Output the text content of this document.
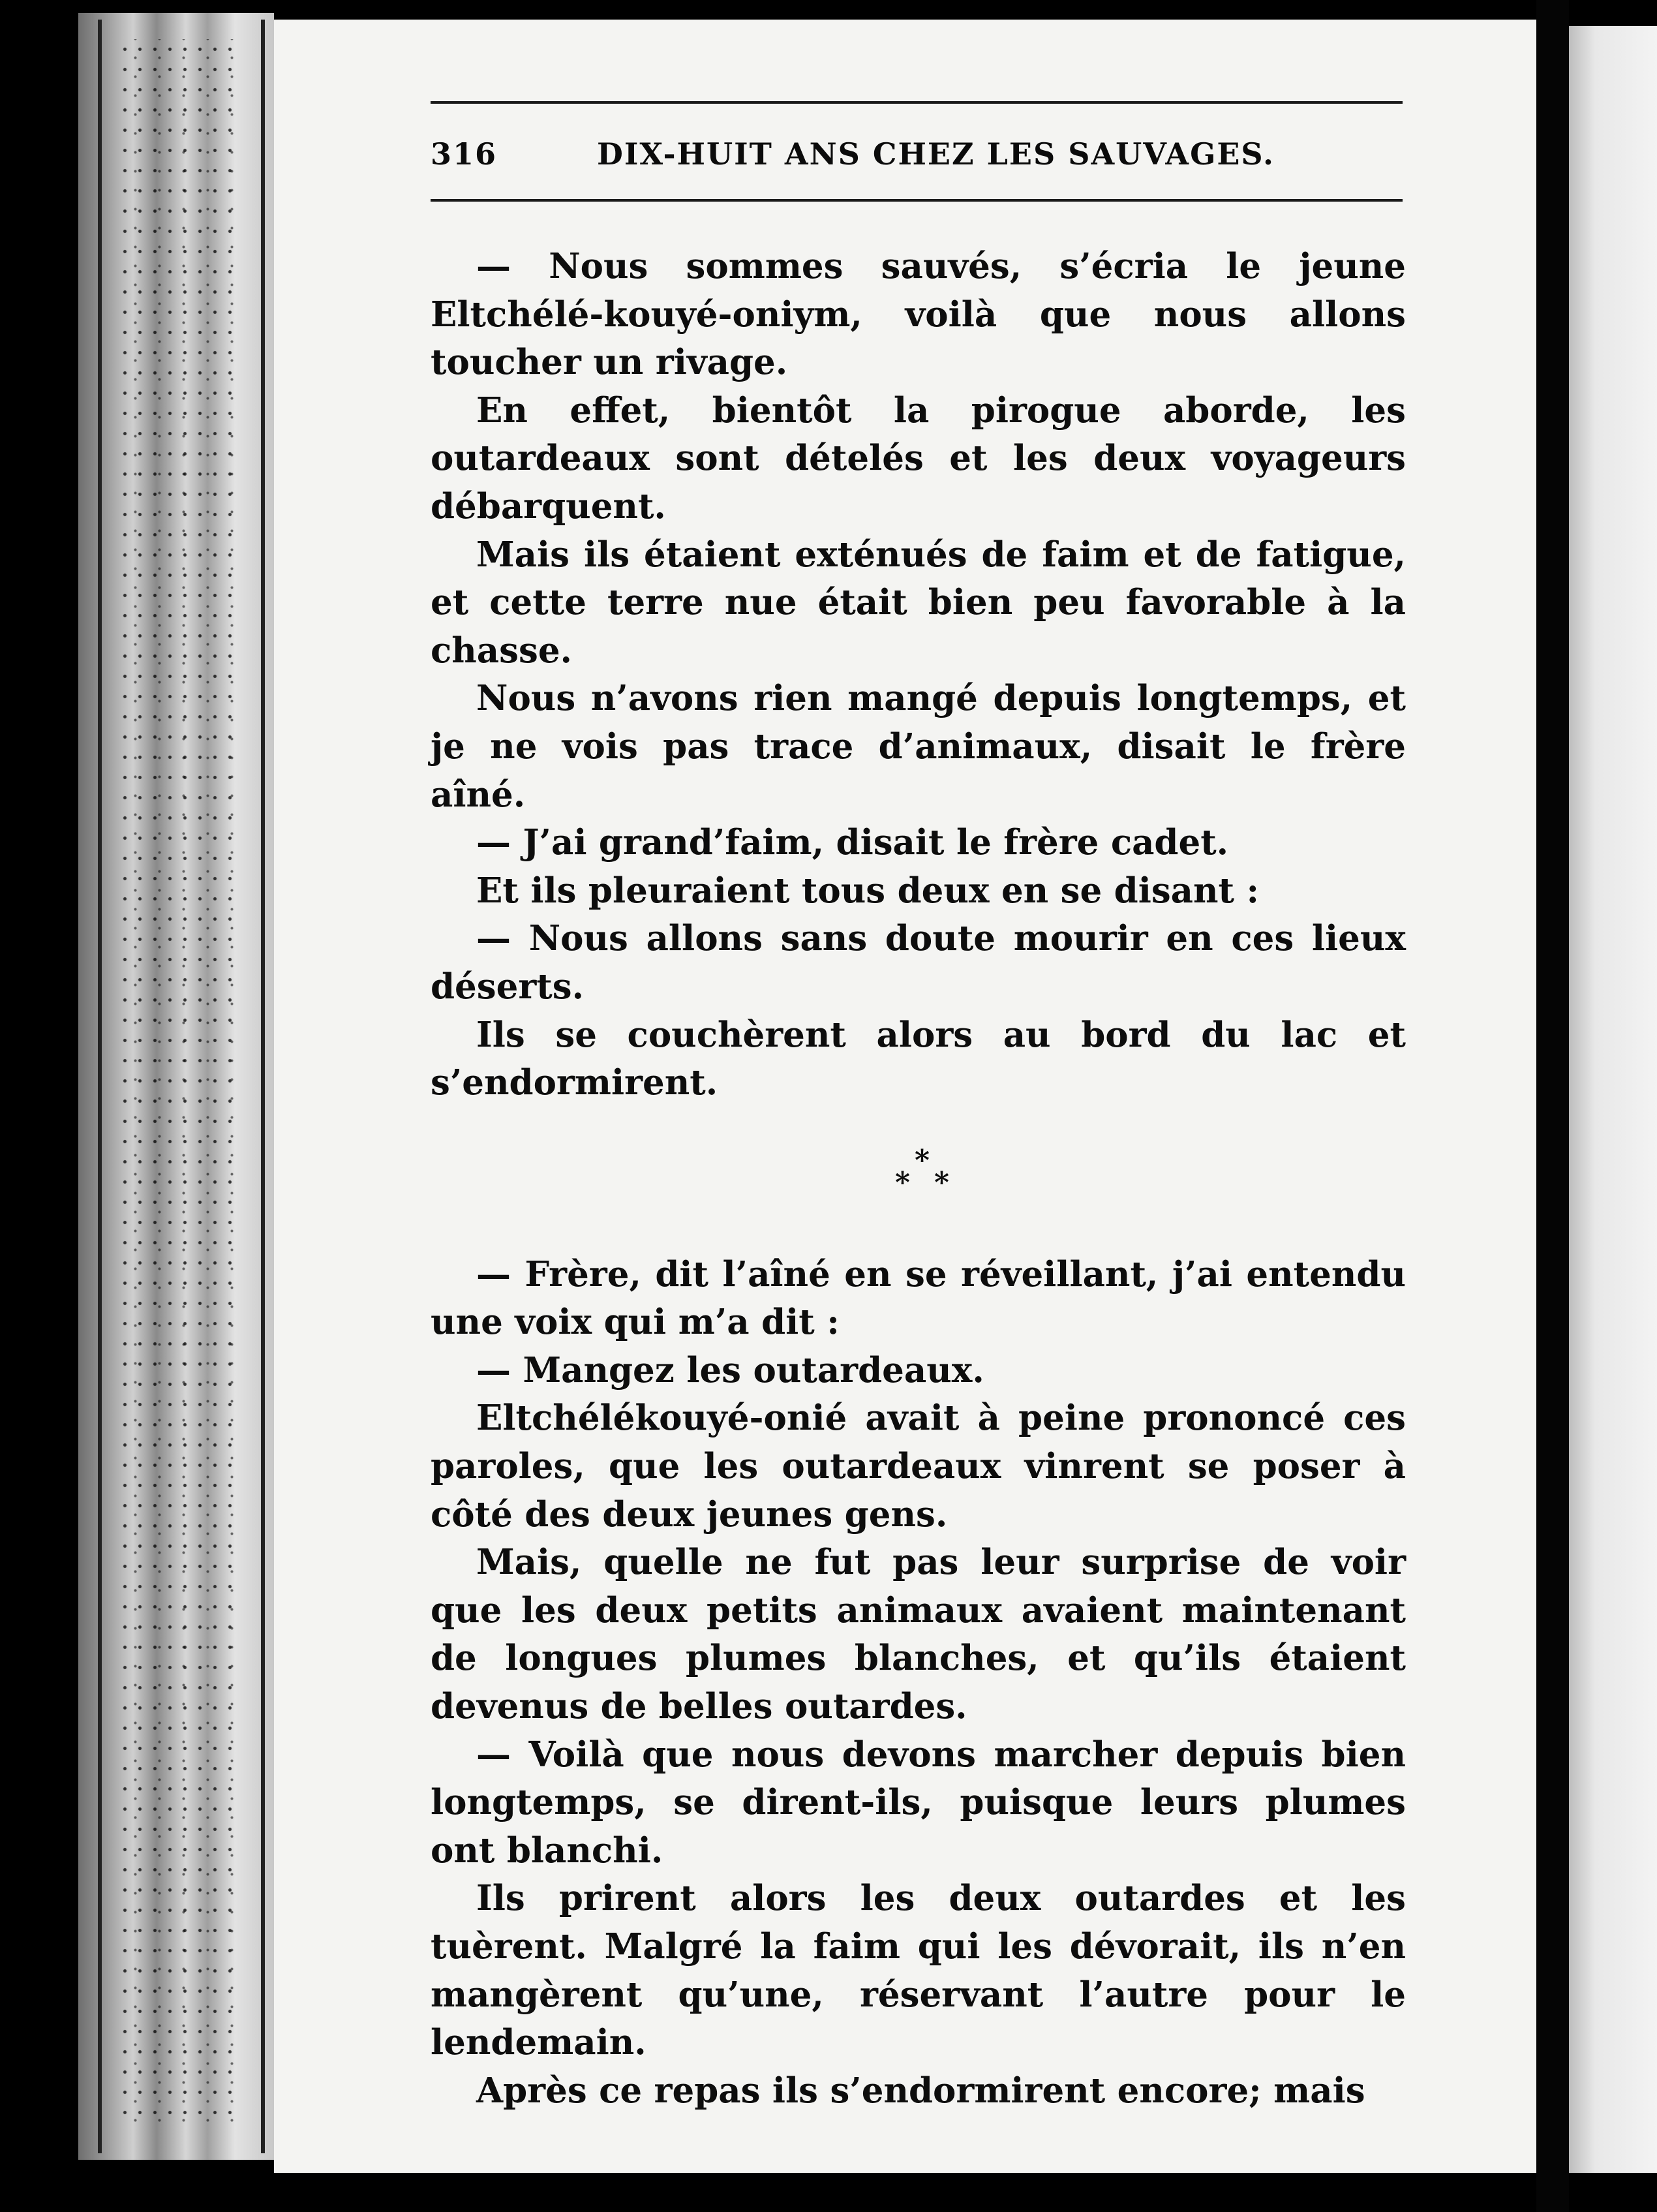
316	DIX-HUIT ANS CHEZ LES SAUVAGES.

— Nous sommes sauvés, s’écria le jeune Eltchélé-kouyé-oniym, voilà que nous allons toucher un rivage.

En effet, bientôt la pirogue aborde, les outardeaux sont dételés et les deux voyageurs débarquent.

Mais ils étaient exténués de faim et de fatigue, et cette terre nue était bien peu favorable à la chasse.

Nous n’avons rien mangé depuis longtemps, et je ne vois pas trace d’animaux, disait le frère aîné.

— J’ai grand’faim, disait le frère cadet.

Et ils pleuraient tous deux en se disant :

— Nous allons sans doute mourir en ces lieux déserts.

Ils se couchèrent alors au bord du lac et s’endormirent.

*
* *

— Frère, dit l’aîné en se réveillant, j’ai entendu une voix qui m’a dit :

— Mangez les outardeaux.

Eltchélékouyé-onié avait à peine prononcé ces paroles, que les outardeaux vinrent se poser à côté des deux jeunes gens.

Mais, quelle ne fut pas leur surprise de voir que les deux petits animaux avaient maintenant de longues plumes blanches, et qu’ils étaient devenus de belles outardes.

— Voilà que nous devons marcher depuis bien longtemps, se dirent-ils, puisque leurs plumes ont blanchi.

Ils prirent alors les deux outardes et les tuèrent. Malgré la faim qui les dévorait, ils n’en mangèrent qu’une, réservant l’autre pour le lendemain.

Après ce repas ils s’endormirent encore; mais
